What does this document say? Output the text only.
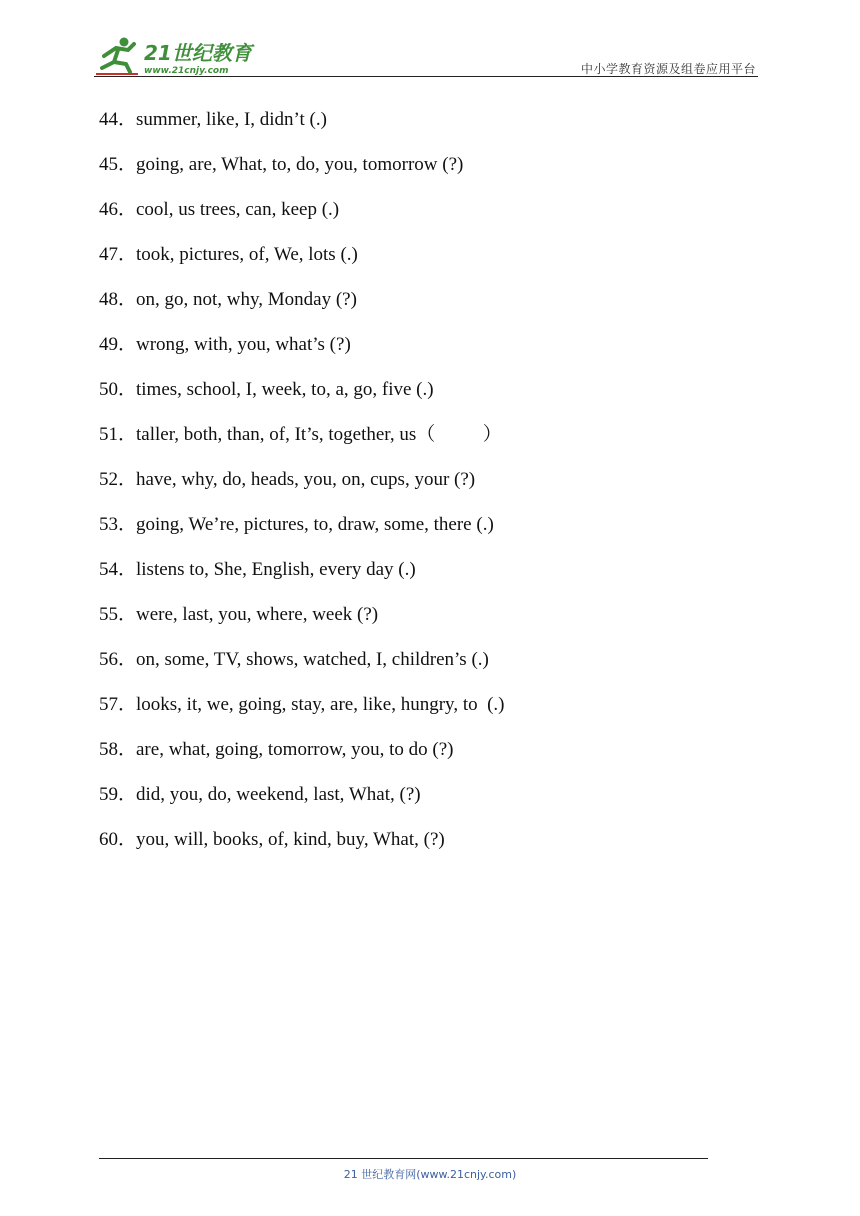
21世纪教育
www.21cnjy.com	中小学教育资源及组卷应用平台
44．summer, like, I, didn’t (.)
45．going, are, What, to, do, you, tomorrow (?)
46．cool, us trees, can, keep (.)
47．took, pictures, of, We, lots (.)
48．on, go, not, why, Monday (?)
49．wrong, with, you, what’s (?)
50．times, school, I, week, to, a, go, five (.)
51．taller, both, than, of, It’s, together, us（          ）
52．have, why, do, heads, you, on, cups, your (?)
53．going, We’re, pictures, to, draw, some, there (.)
54．listens to, She, English, every day (.)
55．were, last, you, where, week (?)
56．on, some, TV, shows, watched, I, children’s (.)
57．looks, it, we, going, stay, are, like, hungry, to  (.)
58．are, what, going, tomorrow, you, to do (?)
59．did, you, do, weekend, last, What, (?)
60．you, will, books, of, kind, buy, What, (?)
21 世纪教育网(www.21cnjy.com)
